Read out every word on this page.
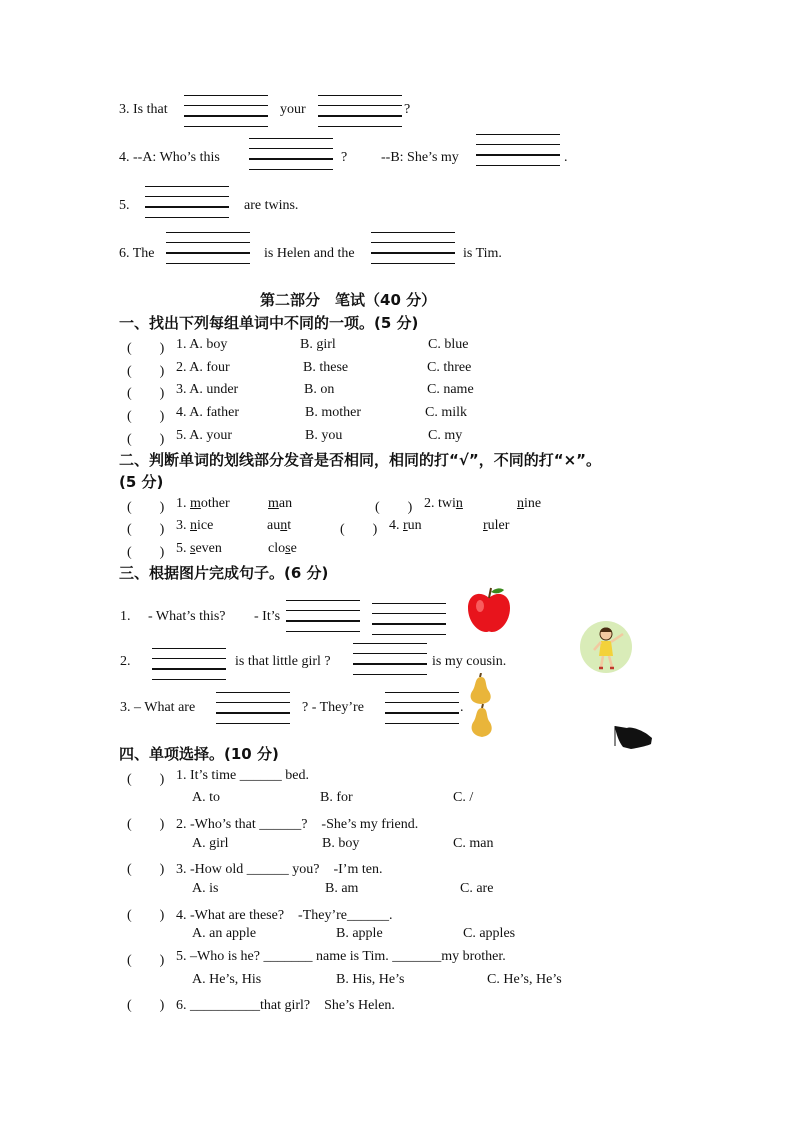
3. Is that	your	?
4. --A: Who’s this	? --B: She’s my	.
5.	are twins.
6. The	is Helen and the	is Tim.
第二部分　笔试（40 分）
一、找出下列每组单词中不同的一项。(5 分)
(　　) 1. A. boy	B. girl	C. blue
(　　) 2. A. four	B. these	C. three
(　　) 3. A. under	B. on	C. name
(　　) 4. A. father	B. mother	C. milk
(　　) 5. A. your	B. you	C. my
二、判断单词的划线部分发音是否相同，相同的打“√”，不同的打“×”。
(5 分)
(　　) 1. mother	man	(　　) 2. twin	nine
(　　) 3. nice	aunt	(　　) 4. run	ruler
(　　) 5. seven	close
三、根据图片完成句子。(6 分)
1. - What’s this? - It’s
2.	is that little girl ?	is my cousin.
3. – What are	? - They’re	.
四、单项选择。(10 分)
(　　) 1. It’s time ______ bed.
A. to	B. for	C. /
(　　) 2. -Who’s that ______?　-She’s my friend.
A. girl	B. boy	C. man
(　　) 3. -How old ______ you?　-I’m ten.
A. is	B. am	C. are
(　　) 4. -What are these?　-They’re______.
A. an apple	B. apple	C. apples
(　　) 5. –Who is he? _______ name is Tim. _______my brother.
A. He’s, His	B. His, He’s	C. He’s, He’s
(　　) 6. __________that girl?　She’s Helen.
